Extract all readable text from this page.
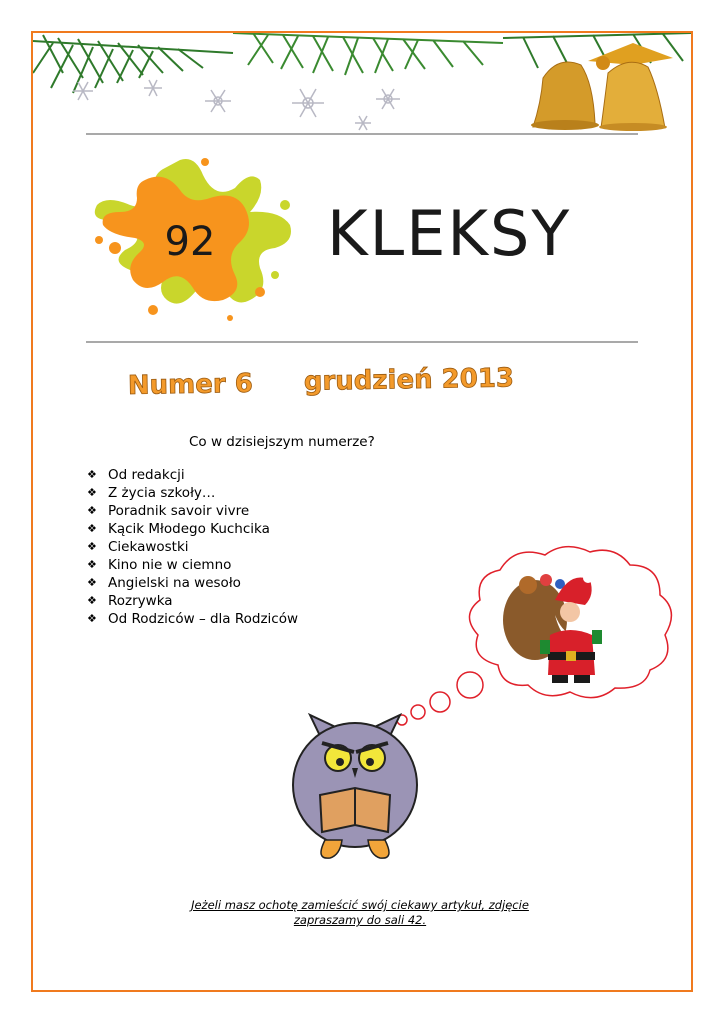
92 KLEKSY
Numer 6 grudzień 2013
Co w dzisiejszym numerze?
❖ Od redakcji
❖ Z życia szkoły…
❖ Poradnik savoir vivre
❖ Kącik Młodego Kuchcika
❖ Ciekawostki
❖ Kino nie w ciemno
❖ Angielski na wesoło
❖ Rozrywka
❖ Od Rodziców – dla Rodziców
Jeżeli masz ochotę zamieścić swój ciekawy artykuł, zdjęcie
zapraszamy do sali 42.
